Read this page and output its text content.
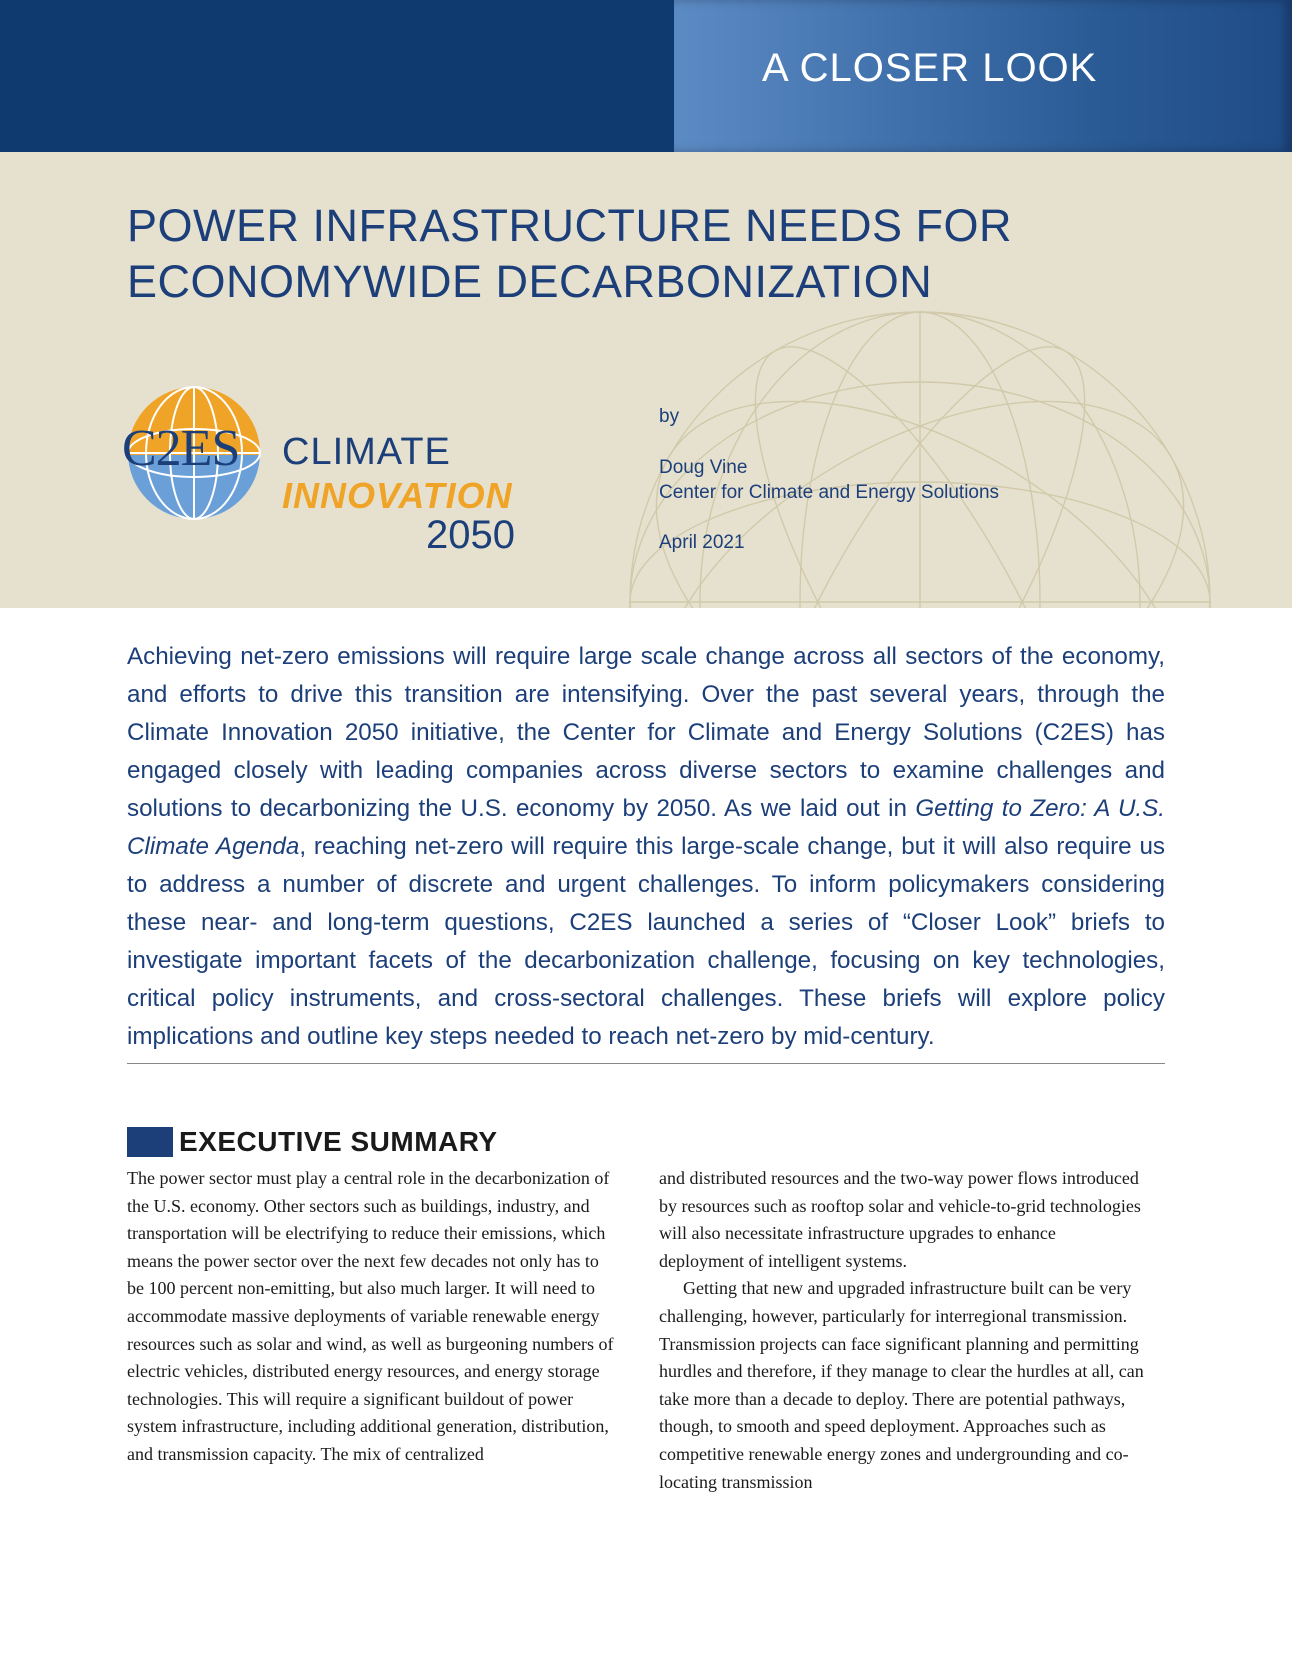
A CLOSER LOOK
POWER INFRASTRUCTURE NEEDS FOR
ECONOMYWIDE DECARBONIZATION
C2ES	CLIMATE
INNOVATION
2050
by
Doug Vine
Center for Climate and Energy Solutions
April 2021

Achieving net-zero emissions will require large scale change across all sectors of the economy, and efforts to drive this transition are intensifying. Over the past several years, through the Climate Innovation 2050 initiative, the Center for Climate and Energy Solutions (C2ES) has engaged closely with leading companies across diverse sectors to examine challenges and solutions to decarbonizing the U.S. economy by 2050. As we laid out in Getting to Zero: A U.S. Climate Agenda, reaching net-zero will require this large-scale change, but it will also require us to address a number of discrete and urgent challenges. To inform policymakers considering these near- and long-term questions, C2ES launched a series of “Closer Look” briefs to investigate important facets of the decarbonization challenge, focusing on key technologies, critical policy instruments, and cross-sectoral challenges. These briefs will explore policy implications and outline key steps needed to reach net-zero by mid-century.

EXECUTIVE SUMMARY

The power sector must play a central role in the decarbonization of the U.S. economy. Other sectors such as buildings, industry, and transportation will be electrifying to reduce their emissions, which means the power sector over the next few decades not only has to be 100 percent non-emitting, but also much larger. It will need to accommodate massive deployments of variable renewable energy resources such as solar and wind, as well as burgeoning numbers of electric vehicles, distributed energy resources, and energy storage technologies. This will require a significant buildout of power system infrastructure, including additional generation, distribution, and transmission capacity. The mix of centralized

and distributed resources and the two-way power flows introduced by resources such as rooftop solar and vehicle-to-grid technologies will also necessitate infrastructure upgrades to enhance deployment of intelligent systems.

Getting that new and upgraded infrastructure built can be very challenging, however, particularly for interregional transmission. Transmission projects can face significant planning and permitting hurdles and therefore, if they manage to clear the hurdles at all, can take more than a decade to deploy. There are potential pathways, though, to smooth and speed deployment. Approaches such as competitive renewable energy zones and undergrounding and co-locating transmission
